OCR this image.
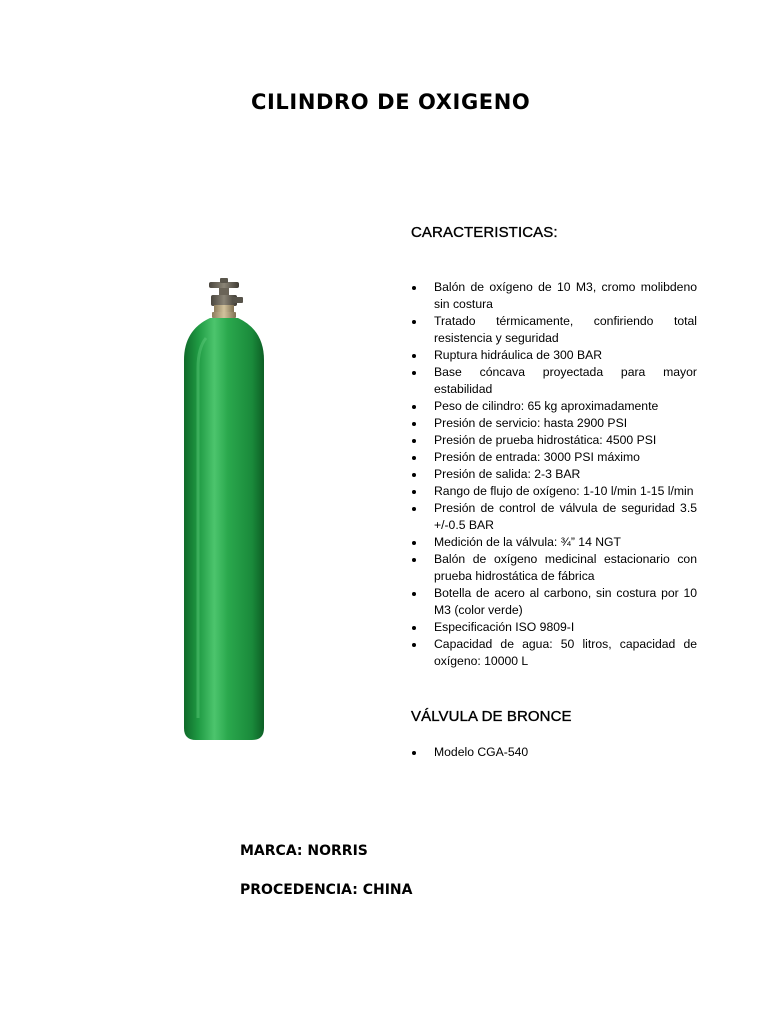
CILINDRO DE OXIGENO
CARACTERISTICAS:
Balón de oxígeno de 10 M3, cromo molibdeno sin costura
Tratado térmicamente, confiriendo total resistencia y seguridad
Ruptura hidráulica de 300 BAR
Base cóncava proyectada para mayor estabilidad
Peso de cilindro: 65 kg aproximadamente
Presión de servicio: hasta 2900 PSI
Presión de prueba hidrostática: 4500 PSI
Presión de entrada: 3000 PSI máximo
Presión de salida: 2-3 BAR
Rango de flujo de oxígeno: 1-10 l/min 1-15 l/min
Presión de control de válvula de seguridad 3.5 +/-0.5 BAR
Medición de la válvula: ¾” 14 NGT
Balón de oxígeno medicinal estacionario con prueba hidrostática de fábrica
Botella de acero al carbono, sin costura por 10 M3 (color verde)
Especificación ISO 9809-I
Capacidad de agua: 50 litros, capacidad de oxígeno: 10000 L
VÁLVULA DE BRONCE
Modelo CGA-540

MARCA: NORRIS

PROCEDENCIA: CHINA
